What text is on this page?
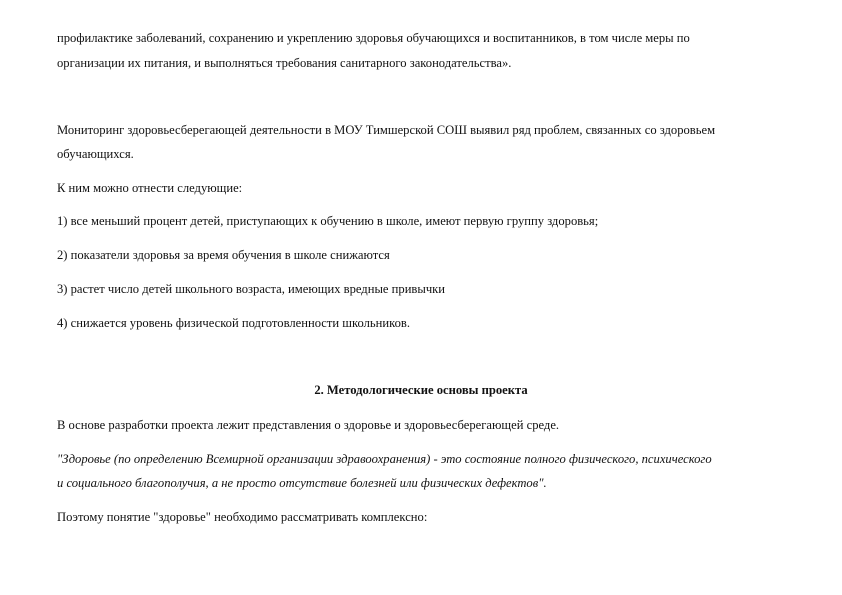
профилактике заболеваний, сохранению и укреплению здоровья обучающихся и воспитанников, в том числе меры по
организации их питания, и выполняться требования санитарного законодательства».
Мониторинг здоровьесберегающей деятельности в МОУ Тимшерской СОШ выявил ряд проблем, связанных со здоровьем
обучающихся.
К ним можно отнести следующие:
1) все меньший процент детей, приступающих к обучению в школе, имеют первую группу здоровья;
2) показатели здоровья за время обучения в школе снижаются
3) растет число детей школьного возраста, имеющих вредные привычки
4) снижается уровень физической подготовленности школьников.
2. Методологические основы проекта
В основе разработки проекта лежит представления о здоровье и здоровьесберегающей среде.
"Здоровье (по определению Всемирной организации здравоохранения) - это состояние полного физического, психического
и социального благополучия, а не просто отсутствие болезней или физических дефектов".
Поэтому понятие "здоровье" необходимо рассматривать комплексно:
